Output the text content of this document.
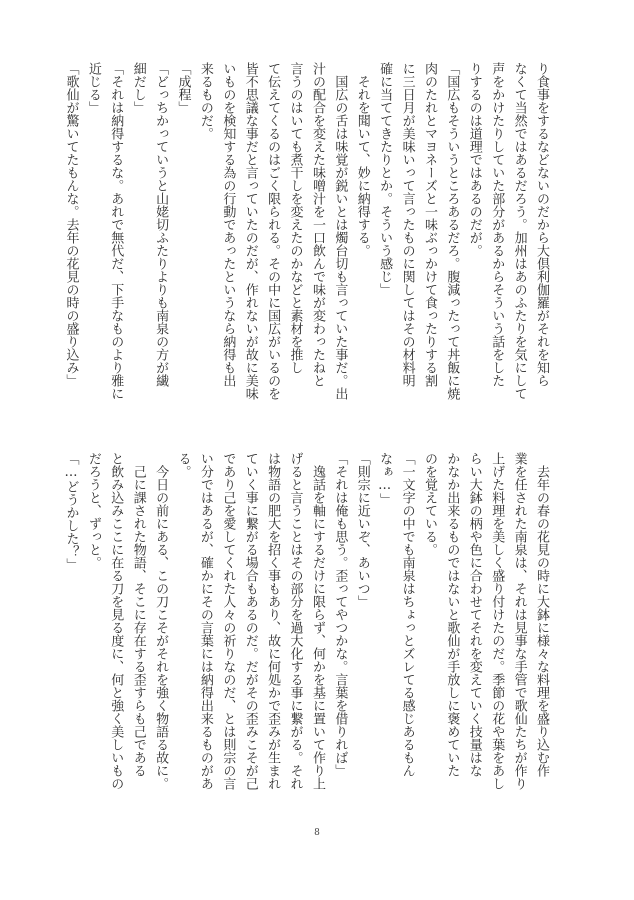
り食事をするなどないのだから大倶利伽羅がそれを知ら
なくて当然ではあるだろう。加州はあのふたりを気にして
声をかけたりしていた部分があるからそういう話をした
りするのは道理ではあるのだが。
「国広もそういうところあるだろ。腹減ったって丼飯に焼
肉のたれとマヨネーズと一味ぶっかけて食ったりする割
に三日月が美味いって言ったものに関してはその材料明
確に当ててきたりとか。そういう感じ」
　それを聞いて、妙に納得する。
　国広の舌は味覚が鋭いとは燭台切も言っていた事だ。出
汁の配合を変えた味噌汁を一口飲んで味が変わったねと
言うのはいても煮干しを変えたのかなどと素材を推し
て伝えてくるのはごく限られる。その中に国広がいるのを
皆不思議な事だと言っていたのだが、作れないが故に美味
いものを検知する為の行動であったというなら納得も出
来るものだ。
「成程」
「どっちかっていうと山姥切ふたりよりも南泉の方が繊
細だし」
「それは納得するな。あれで無代だ、下手なものより雅に
近じる」
「歌仙が驚いてたもんな。去年の花見の時の盛り込み」
　去年の春の花見の時に大鉢に様々な料理を盛り込む作
業を任された南泉は、それは見事な手管で歌仙たちが作り
上げた料理を美しく盛り付けたのだ。季節の花や葉をあし
らい大鉢の柄や色に合わせてそれを変えていく技量はな
かなか出来るものではないと歌仙が手放しに褒めていた
のを覚えている。
「一文字の中でも南泉はちょっとズレてる感じあるもん
なぁ…」
「則宗に近いぞ、あいつ」
「それは俺も思う。歪ってやつかな。言葉を借りれば」
　逸話を軸にするだけに限らず、何かを基に置いて作り上
げると言うことはその部分を過大化する事に繋がる。それ
は物語の肥大を招く事もあり、故に何処かで歪みが生まれ
ていく事に繋がる場合もあるのだ。だがその歪みこそが己
であり己を愛してくれた人々の祈りなのだ、とは則宗の言
い分ではあるが、確かにその言葉には納得出来るものがあ
る。
　今日の前にある、この刀こそがそれを強く物語る故に。
　己に課された物語、そこに存在する歪すらも己である
と飲み込みここに在る刀を見る度に、何と強く美しいもの
だろうと、ずっと。
「…どうかした？」
8
